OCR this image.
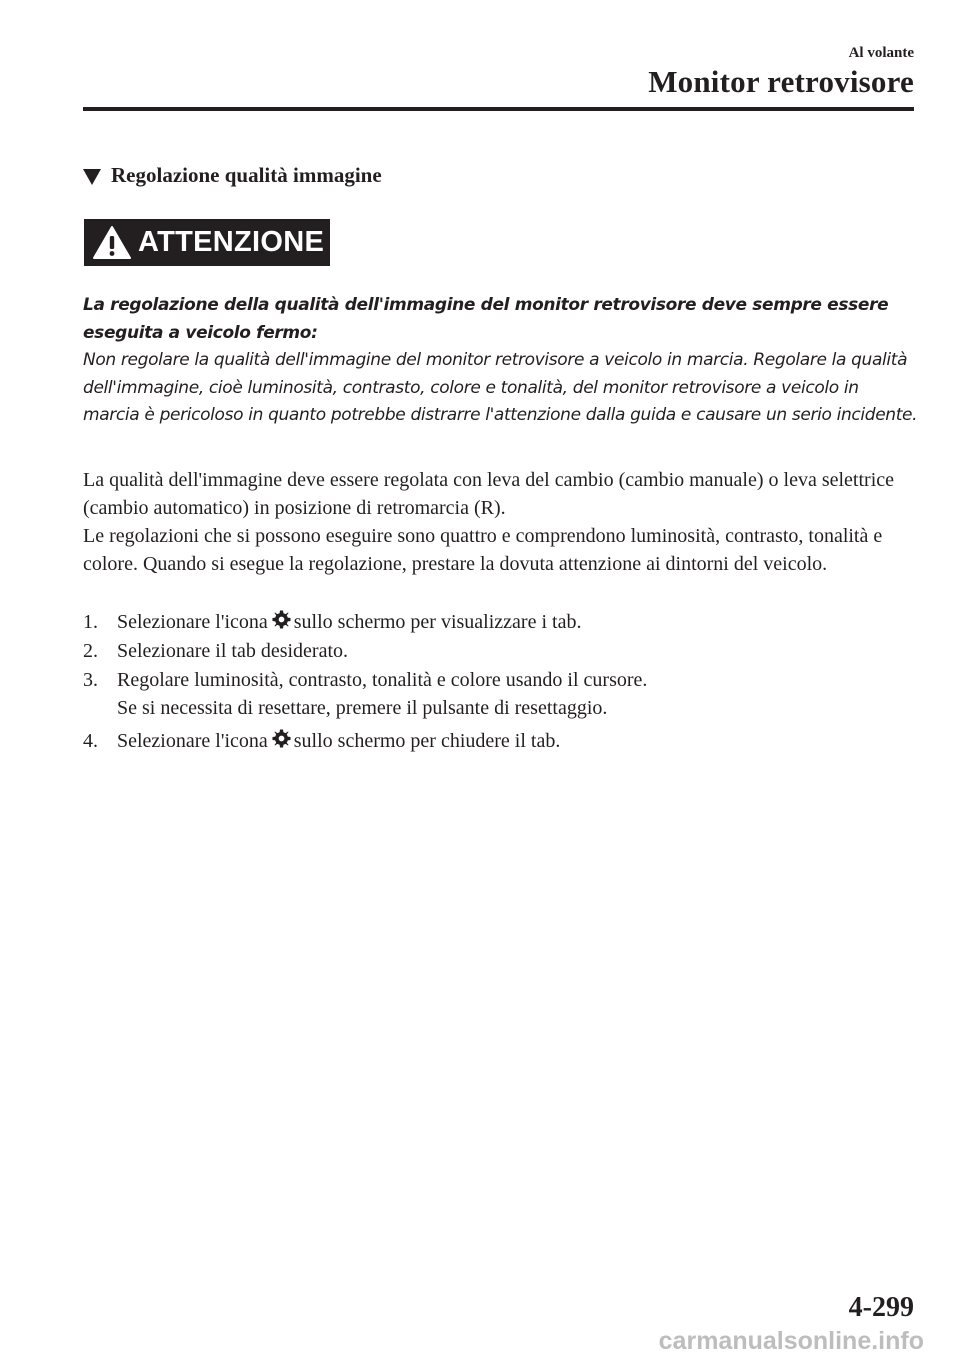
Al volante
Monitor retrovisore
Regolazione qualità immagine
ATTENZIONE

La regolazione della qualità dell'immagine del monitor retrovisore deve sempre essere eseguita a veicolo fermo:

Non regolare la qualità dell'immagine del monitor retrovisore a veicolo in marcia. Regolare la qualità dell'immagine, cioè luminosità, contrasto, colore e tonalità, del monitor retrovisore a veicolo in marcia è pericoloso in quanto potrebbe distrarre l'attenzione dalla guida e causare un serio incidente.

La qualità dell'immagine deve essere regolata con leva del cambio (cambio manuale) o leva selettrice (cambio automatico) in posizione di retromarcia (R).

Le regolazioni che si possono eseguire sono quattro e comprendono luminosità, contrasto, tonalità e colore. Quando si esegue la regolazione, prestare la dovuta attenzione ai dintorni del veicolo.

1. Selezionare l'icona sullo schermo per visualizzare i tab.
2. Selezionare il tab desiderato.
3. Regolare luminosità, contrasto, tonalità e colore usando il cursore.
Se si necessita di resettare, premere il pulsante di resettaggio.
4. Selezionare l'icona sullo schermo per chiudere il tab.
4-299
carmanualsonline.info
